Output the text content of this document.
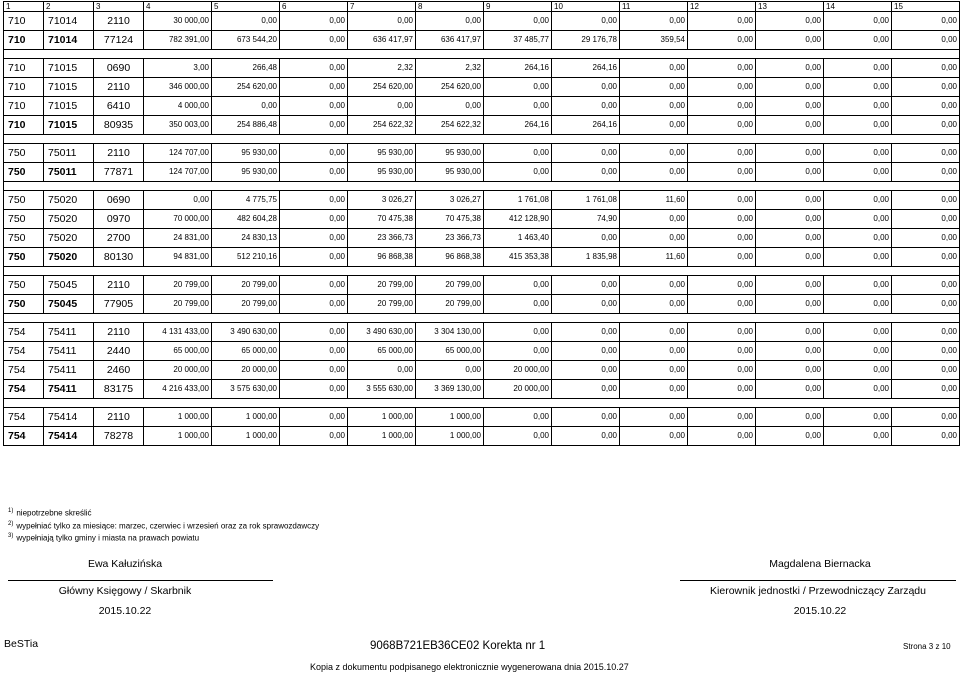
1	2	3	4	5	6	7	8	9	10	11	12	13	14	15
710	71014	2110	30 000,00	0,00	0,00	0,00	0,00	0,00	0,00	0,00	0,00	0,00	0,00	0,00
710	71014	77124	782 391,00	673 544,20	0,00	636 417,97	636 417,97	37 485,77	29 176,78	359,54	0,00	0,00	0,00	0,00

710	71015	0690	3,00	266,48	0,00	2,32	2,32	264,16	264,16	0,00	0,00	0,00	0,00	0,00
710	71015	2110	346 000,00	254 620,00	0,00	254 620,00	254 620,00	0,00	0,00	0,00	0,00	0,00	0,00	0,00
710	71015	6410	4 000,00	0,00	0,00	0,00	0,00	0,00	0,00	0,00	0,00	0,00	0,00	0,00
710	71015	80935	350 003,00	254 886,48	0,00	254 622,32	254 622,32	264,16	264,16	0,00	0,00	0,00	0,00	0,00

750	75011	2110	124 707,00	95 930,00	0,00	95 930,00	95 930,00	0,00	0,00	0,00	0,00	0,00	0,00	0,00
750	75011	77871	124 707,00	95 930,00	0,00	95 930,00	95 930,00	0,00	0,00	0,00	0,00	0,00	0,00	0,00

750	75020	0690	0,00	4 775,75	0,00	3 026,27	3 026,27	1 761,08	1 761,08	11,60	0,00	0,00	0,00	0,00
750	75020	0970	70 000,00	482 604,28	0,00	70 475,38	70 475,38	412 128,90	74,90	0,00	0,00	0,00	0,00	0,00
750	75020	2700	24 831,00	24 830,13	0,00	23 366,73	23 366,73	1 463,40	0,00	0,00	0,00	0,00	0,00	0,00
750	75020	80130	94 831,00	512 210,16	0,00	96 868,38	96 868,38	415 353,38	1 835,98	11,60	0,00	0,00	0,00	0,00

750	75045	2110	20 799,00	20 799,00	0,00	20 799,00	20 799,00	0,00	0,00	0,00	0,00	0,00	0,00	0,00
750	75045	77905	20 799,00	20 799,00	0,00	20 799,00	20 799,00	0,00	0,00	0,00	0,00	0,00	0,00	0,00

754	75411	2110	4 131 433,00	3 490 630,00	0,00	3 490 630,00	3 304 130,00	0,00	0,00	0,00	0,00	0,00	0,00	0,00
754	75411	2440	65 000,00	65 000,00	0,00	65 000,00	65 000,00	0,00	0,00	0,00	0,00	0,00	0,00	0,00
754	75411	2460	20 000,00	20 000,00	0,00	0,00	0,00	20 000,00	0,00	0,00	0,00	0,00	0,00	0,00
754	75411	83175	4 216 433,00	3 575 630,00	0,00	3 555 630,00	3 369 130,00	20 000,00	0,00	0,00	0,00	0,00	0,00	0,00

754	75414	2110	1 000,00	1 000,00	0,00	1 000,00	1 000,00	0,00	0,00	0,00	0,00	0,00	0,00	0,00
754	75414	78278	1 000,00	1 000,00	0,00	1 000,00	1 000,00	0,00	0,00	0,00	0,00	0,00	0,00	0,00
$^{1)}$ niepotrzebne skreślić
$^{2)}$ wypełniać tylko za miesiące: marzec, czerwiec i wrzesień oraz za rok sprawozdawczy
$^{3)}$ wypełniają tylko gminy i miasta na prawach powiatu
Ewa Kałuzińska
Główny Księgowy / Skarbnik
2015.10.22
Magdalena Biernacka
Kierownik jednostki / Przewodniczący Zarządu
2015.10.22
BeSTia	9068B721EB36CE02 Korekta nr 1	Strona 3 z 10
Kopia z dokumentu podpisanego elektronicznie wygenerowana dnia 2015.10.27
